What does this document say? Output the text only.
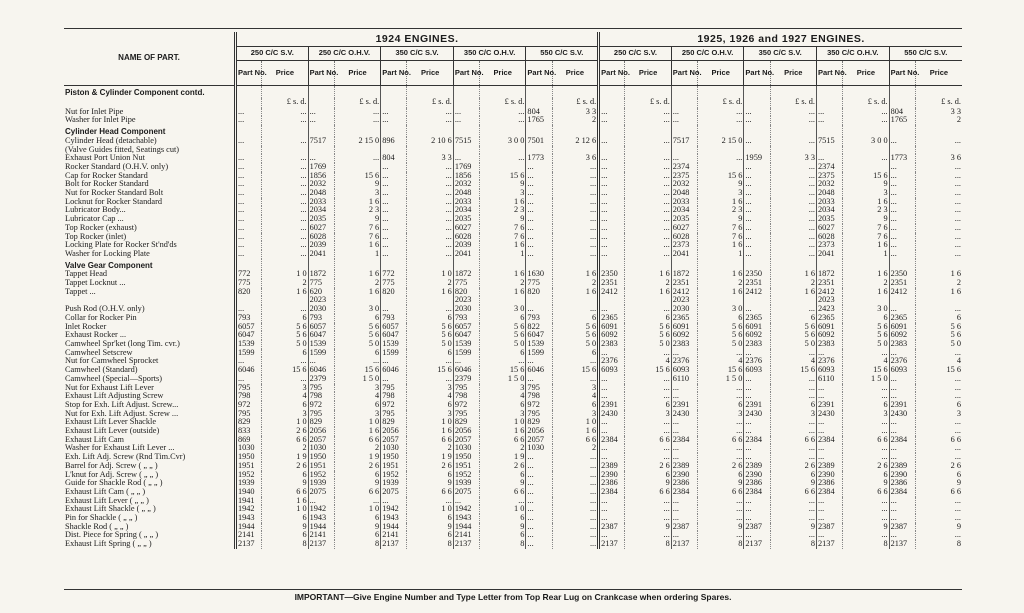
NAME OF PART.	1924 ENGINES.										1925, 1926 and 1927 ENGINES.									
	250 C/C S.V.		250 C/C O.H.V.		350 C/C S.V.		350 C/C O.H.V.		550 C/C S.V.		250 C/C S.V.		250 C/C O.H.V.		350 C/C S.V.		350 C/C O.H.V.		550 C/C S.V.	
	Part No.	Price	Part No.	Price	Part No.	Price	Part No.	Price	Part No.	Price	Part No.	Price	Part No.	Price	Part No.	Price	Part No.	Price	Part No.	Price
Piston & Cylinder Component contd.																				
		£ s. d.		£ s. d.		£ s. d.		£ s. d.		£ s. d.		£ s. d.		£ s. d.		£ s. d.		£ s. d.		£ s. d.
Nut for Inlet Pipe	...	...	...	...	...	...	...	...	804	3 3	...	...	...	...	...	...	...	...	804	3 3
Washer for Inlet Pipe	...	...	...	...	...	...	...	...	1765	2	...	...	...	...	...	...	...	...	1765	2
Cylinder Head Component																				
Cylinder Head (detachable)	...	...	7517	2 15 0	896	2 10 6	7515	3 0 0	7501	2 12 6	...	...	7517	2 15 0	...	...	7515	3 0 0	...	...
(Valve Guides fitted, Seatings cut)																				
Exhaust Port Union Nut	...	...	...	...	804	3 3	...	...	1773	3 6	...	...	...	...	1959	3 3	...	...	1773	3 6
Rocker Standard (O.H.V. only)	...	...	1769		...	...	1769		...	...	...	...	2374		...	...	2374		...	...
Cap for Rocker Standard	...	...	1856	15 6	...	...	1856	15 6	...	...	...	...	2375	15 6	...	...	2375	15 6	...	...
Bolt for Rocker Standard	...	...	2032	9	...	...	2032	9	...	...	...	...	2032	9	...	...	2032	9	...	...
Nut for Rocker Standard Bolt	...	...	2048	3	...	...	2048	3	...	...	...	...	2048	3	...	...	2048	3	...	...
Locknut for Rocker Standard	...	...	2033	1 6	...	...	2033	1 6	...	...	...	...	2033	1 6	...	...	2033	1 6	...	...
Lubricator Body...	...	...	2034	2 3	...	...	2034	2 3	...	...	...	...	2034	2 3	...	...	2034	2 3	...	...
Lubricator Cap ...	...	...	2035	9	...	...	2035	9	...	...	...	...	2035	9	...	...	2035	9	...	...
Top Rocker (exhaust)	...	...	6027	7 6	...	...	6027	7 6	...	...	...	...	6027	7 6	...	...	6027	7 6	...	...
Top Rocker (inlet)	...	...	6028	7 6	...	...	6028	7 6	...	...	...	...	6028	7 6	...	...	6028	7 6	...	...
Locking Plate for Rocker St'nd'ds	...	...	2039	1 6	...	...	2039	1 6	...	...	...	...	2373	1 6	...	...	2373	1 6	...	...
Washer for Locking Plate	...	...	2041	1	...	...	2041	1	...	...	...	...	2041	1	...	...	2041	1	...	...
Valve Gear Component																				
Tappet Head	772	1 0	1872	1 6	772	1 0	1872	1 6	1630	1 6	2350	1 6	1872	1 6	2350	1 6	1872	1 6	2350	1 6
Tappet Locknut ...	775	2	775	2	775	2	775	2	775	2	2351	2	2351	2	2351	2	2351	2	2351	2
Tappet ...	820	1 6	620	1 6	820	1 6	820	1 6	820	1 6	2412	1 6	2412	1 6	2412	1 6	2412	1 6	2412	1 6
			2023				2023						2023				2023			
Push Rod (O.H.V. only)	...	...	2030	3 0	...	...	2030	3 0	...	...	...	...	2030	3 0	...	...	2423	3 0	...	...
Collar for Rocker Pin	793	6	793	6	793	6	793	6	793	6	2365	6	2365	6	2365	6	2365	6	2365	6
Inlet Rocker	6057	5 6	6057	5 6	6057	5 6	6057	5 6	822	5 6	6091	5 6	6091	5 6	6091	5 6	6091	5 6	6091	5 6
Exhaust Rocker ...	6047	5 6	6047	5 6	6047	5 6	6047	5 6	6047	5 6	6092	5 6	6092	5 6	6092	5 6	6092	5 6	6092	5 6
Camwheel Spr'ket (long Tim. cvr.)	1539	5 0	1539	5 0	1539	5 0	1539	5 0	1539	5 0	2383	5 0	2383	5 0	2383	5 0	2383	5 0	2383	5 0
Camwheel Setscrew	1599	6	1599	6	1599	6	1599	6	1599	6	...	...	...	...	...	...	...	...	...	...
Nut for Camwheel Sprocket	...	...	...	...	...	...	...	...	...	...	2376	4	2376	4	2376	4	2376	4	2376	4
Camwheel (Standard)	6046	15 6	6046	15 6	6046	15 6	6046	15 6	6046	15 6	6093	15 6	6093	15 6	6093	15 6	6093	15 6	6093	15 6
Camwheel (Special—Sports)	...	...	2379	1 5 0	...	...	2379	1 5 0	...	...	...	...	6110	1 5 0	...	...	6110	1 5 0	...	...
Nut for Exhaust Lift Lever	795	3	795	3	795	3	795	3	795	3	...	...	...	...	...	...	...	...	...	...
Exhaust Lift Adjusting Screw	798	4	798	4	798	4	798	4	798	4	...	...	...	...	...	...	...	...	...	...
Stop for Exh. Lift Adjust. Screw...	972	6	972	6	972	6	972	6	972	6	2391	6	2391	6	2391	6	2391	6	2391	6
Nut for Exh. Lift Adjust. Screw ...	795	3	795	3	795	3	795	3	795	3	2430	3	2430	3	2430	3	2430	3	2430	3
Exhaust Lift Lever Shackle	829	1 0	829	1 0	829	1 0	829	1 0	829	1 0	...	...	...	...	...	...	...	...	...	...
Exhaust Lift Lever (outside)	833	2 6	2056	1 6	2056	1 6	2056	1 6	2056	1 6	...	...	...	...	...	...	...	...	...	...
Exhaust Lift Cam	869	6 6	2057	6 6	2057	6 6	2057	6 6	2057	6 6	2384	6 6	2384	6 6	2384	6 6	2384	6 6	2384	6 6
Washer for Exhaust Lift Lever ...	1030	2	1030	2	1030	2	1030	2	1030	2	...	...	...	...	...	...	...	...	...	...
Exh. Lift Adj. Screw (Rnd Tim.Cvr)	1950	1 9	1950	1 9	1950	1 9	1950	1 9	...	...	...	...	...	...	...	...	...	...	...	...
Barrel for Adj. Screw ( „ „ )	1951	2 6	1951	2 6	1951	2 6	1951	2 6	...	...	2389	2 6	2389	2 6	2389	2 6	2389	2 6	2389	2 6
L'knut for Adj. Screw ( „ „ )	1952	6	1952	6	1952	6	1952	6	...	...	2390	6	2390	6	2390	6	2390	6	2390	6
Guide for Shackle Rod ( „ „ )	1939	9	1939	9	1939	9	1939	9	...	...	2386	9	2386	9	2386	9	2386	9	2386	9
Exhaust Lift Cam ( „ „ )	1940	6 6	2075	6 6	2075	6 6	2075	6 6	...	...	2384	6 6	2384	6 6	2384	6 6	2384	6 6	2384	6 6
Exhaust Lift Lever ( „ „ )	1941	1 6	...	...	...	...	...	...	...	...	...	...	...	...	...	...	...	...	...	...
Exhaust Lift Shackle ( „ „ )	1942	1 0	1942	1 0	1942	1 0	1942	1 0	...	...	...	...	...	...	...	...	...	...	...	...
Pin for Shackle ( „ „ )	1943	6	1943	6	1943	6	1943	6	...	...	...	...	...	...	...	...	...	...	...	...
Shackle Rod ( „ „ )	1944	9	1944	9	1944	9	1944	9	...	...	2387	9	2387	9	2387	9	2387	9	2387	9
Dist. Piece for Spring ( „ „ )	2141	6	2141	6	2141	6	2141	6	...	...	...	...	...	...	...	...	...	...	...	...
Exhaust Lift Spring ( „ „ )	2137	8	2137	8	2137	8	2137	8	...	...	2137	8	2137	8	2137	8	2137	8	2137	8
IMPORTANT—Give Engine Number and Type Letter from Top Rear Lug on Crankcase when ordering Spares.
